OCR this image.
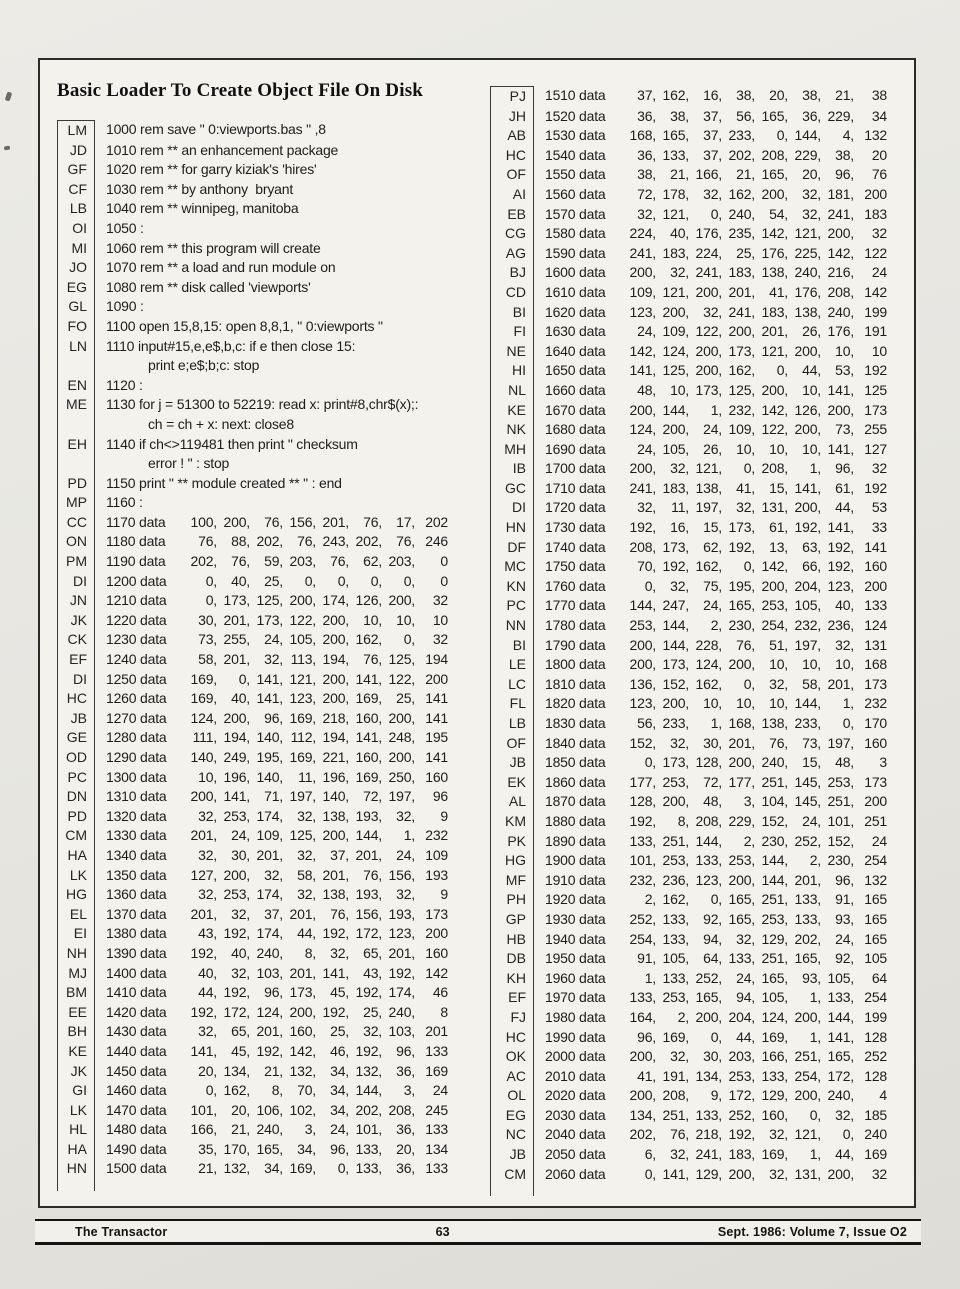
Basic Loader To Create Object File On Disk
LM	1000 rem save " 0:viewports.bas " ,8
JD	1010 rem ** an enhancement package
GF	1020 rem ** for garry kiziak's 'hires'
CF	1030 rem ** by anthony  bryant
LB	1040 rem ** winnipeg, manitoba
OI	1050 :
MI	1060 rem ** this program will create
JO	1070 rem ** a load and run module on
EG	1080 rem ** disk called 'viewports'
GL	1090 :
FO	1100 open 15,8,15: open 8,8,1, " 0:viewports "
LN	1110 input#15,e,e$,b,c: if e then close 15:
print e;e$;b;c: stop
EN	1120 :
ME	1130 for j = 51300 to 52219: read x: print#8,chr$(x);:
ch = ch + x: next: close8
EH	1140 if ch<>119481 then print " checksum
error ! " : stop
PD	1150 print " ** module created ** " : end
MP	1160 :
CC	1170 data 100, 200, 76, 156, 201, 76, 17, 202
ON	1180 data 76, 88, 202, 76, 243, 202, 76, 246
PM	1190 data 202, 76, 59, 203, 76, 62, 203, 0
DI	1200 data	0, 40, 25, 0, 0, 0, 0, 0
JN	1210 data	0, 173, 125, 200, 174, 126, 200, 32
JK	1220 data 30, 201, 173, 122, 200, 10, 10, 10
CK	1230 data 73, 255, 24, 105, 200, 162, 0, 32
EF	1240 data 58, 201, 32, 113, 194, 76, 125, 194
DI	1250 data 169, 0, 141, 121, 200, 141, 122, 200
HC	1260 data 169, 40, 141, 123, 200, 169, 25, 141
JB	1270 data 124, 200, 96, 169, 218, 160, 200, 141
GE	1280 data 111, 194, 140, 112, 194, 141, 248, 195
OD	1290 data 140, 249, 195, 169, 221, 160, 200, 141
PC	1300 data 10, 196, 140, 11, 196, 169, 250, 160
DN	1310 data 200, 141, 71, 197, 140, 72, 197, 96
PD	1320 data 32, 253, 174, 32, 138, 193, 32, 9
CM	1330 data 201, 24, 109, 125, 200, 144, 1, 232
HA	1340 data 32, 30, 201, 32, 37, 201, 24, 109
LK	1350 data 127, 200, 32, 58, 201, 76, 156, 193
HG	1360 data 32, 253, 174, 32, 138, 193, 32, 9
EL	1370 data 201, 32, 37, 201, 76, 156, 193, 173
EI	1380 data 43, 192, 174, 44, 192, 172, 123, 200
NH	1390 data 192, 40, 240, 8, 32, 65, 201, 160
MJ	1400 data 40, 32, 103, 201, 141, 43, 192, 142
BM	1410 data 44, 192, 96, 173, 45, 192, 174, 46
EE	1420 data 192, 172, 124, 200, 192, 25, 240, 8
BH	1430 data 32, 65, 201, 160, 25, 32, 103, 201
KE	1440 data 141, 45, 192, 142, 46, 192, 96, 133
JK	1450 data 20, 134, 21, 132, 34, 132, 36, 169
GI	1460 data	0, 162, 8, 70, 34, 144, 3, 24
LK	1470 data 101, 20, 106, 102, 34, 202, 208, 245
HL	1480 data 166, 21, 240, 3, 24, 101, 36, 133
HA	1490 data 35, 170, 165, 34, 96, 133, 20, 134
HN	1500 data 21, 132, 34, 169, 0, 133, 36, 133
PJ	1510 data 37, 162, 16, 38, 20, 38, 21, 38
JH	1520 data 36, 38, 37, 56, 165, 36, 229, 34
AB	1530 data 168, 165, 37, 233, 0, 144, 4, 132
HC	1540 data 36, 133, 37, 202, 208, 229, 38, 20
OF	1550 data 38, 21, 166, 21, 165, 20, 96, 76
AI	1560 data 72, 178, 32, 162, 200, 32, 181, 200
EB	1570 data 32, 121, 0, 240, 54, 32, 241, 183
CG	1580 data 224, 40, 176, 235, 142, 121, 200, 32
AG	1590 data 241, 183, 224, 25, 176, 225, 142, 122
BJ	1600 data 200, 32, 241, 183, 138, 240, 216, 24
CD	1610 data 109, 121, 200, 201, 41, 176, 208, 142
BI	1620 data 123, 200, 32, 241, 183, 138, 240, 199
FI	1630 data 24, 109, 122, 200, 201, 26, 176, 191
NE	1640 data 142, 124, 200, 173, 121, 200, 10, 10
HI	1650 data 141, 125, 200, 162, 0, 44, 53, 192
NL	1660 data 48, 10, 173, 125, 200, 10, 141, 125
KE	1670 data 200, 144, 1, 232, 142, 126, 200, 173
NK	1680 data 124, 200, 24, 109, 122, 200, 73, 255
MH	1690 data 24, 105, 26, 10, 10, 10, 141, 127
IB	1700 data 200, 32, 121, 0, 208, 1, 96, 32
GC	1710 data 241, 183, 138, 41, 15, 141, 61, 192
DI	1720 data 32, 11, 197, 32, 131, 200, 44, 53
HN	1730 data 192, 16, 15, 173, 61, 192, 141, 33
DF	1740 data 208, 173, 62, 192, 13, 63, 192, 141
MC	1750 data 70, 192, 162, 0, 142, 66, 192, 160
KN	1760 data	0, 32, 75, 195, 200, 204, 123, 200
PC	1770 data 144, 247, 24, 165, 253, 105, 40, 133
NN	1780 data 253, 144, 2, 230, 254, 232, 236, 124
BI	1790 data 200, 144, 228, 76, 51, 197, 32, 131
LE	1800 data 200, 173, 124, 200, 10, 10, 10, 168
LC	1810 data 136, 152, 162, 0, 32, 58, 201, 173
FL	1820 data 123, 200, 10, 10, 10, 144, 1, 232
LB	1830 data 56, 233, 1, 168, 138, 233, 0, 170
OF	1840 data 152, 32, 30, 201, 76, 73, 197, 160
JB	1850 data	0, 173, 128, 200, 240, 15, 48, 3
EK	1860 data 177, 253, 72, 177, 251, 145, 253, 173
AL	1870 data 128, 200, 48, 3, 104, 145, 251, 200
KM	1880 data 192, 8, 208, 229, 152, 24, 101, 251
PK	1890 data 133, 251, 144, 2, 230, 252, 152, 24
HG	1900 data 101, 253, 133, 253, 144, 2, 230, 254
MF	1910 data 232, 236, 123, 200, 144, 201, 96, 132
PH	1920 data	2, 162, 0, 165, 251, 133, 91, 165
GP	1930 data 252, 133, 92, 165, 253, 133, 93, 165
HB	1940 data 254, 133, 94, 32, 129, 202, 24, 165
DB	1950 data 91, 105, 64, 133, 251, 165, 92, 105
KH	1960 data	1, 133, 252, 24, 165, 93, 105, 64
EF	1970 data 133, 253, 165, 94, 105, 1, 133, 254
FJ	1980 data 164, 2, 200, 204, 124, 200, 144, 199
HC	1990 data 96, 169, 0, 44, 169, 1, 141, 128
OK	2000 data 200, 32, 30, 203, 166, 251, 165, 252
AC	2010 data 41, 191, 134, 253, 133, 254, 172, 128
OL	2020 data 200, 208, 9, 172, 129, 200, 240, 4
EG	2030 data 134, 251, 133, 252, 160, 0, 32, 185
NC	2040 data 202, 76, 218, 192, 32, 121, 0, 240
JB	2050 data	6, 32, 241, 183, 169, 1, 44, 169
CM	2060 data	0, 141, 129, 200, 32, 131, 200, 32
The Transactor	63	Sept. 1986: Volume 7, Issue O2
